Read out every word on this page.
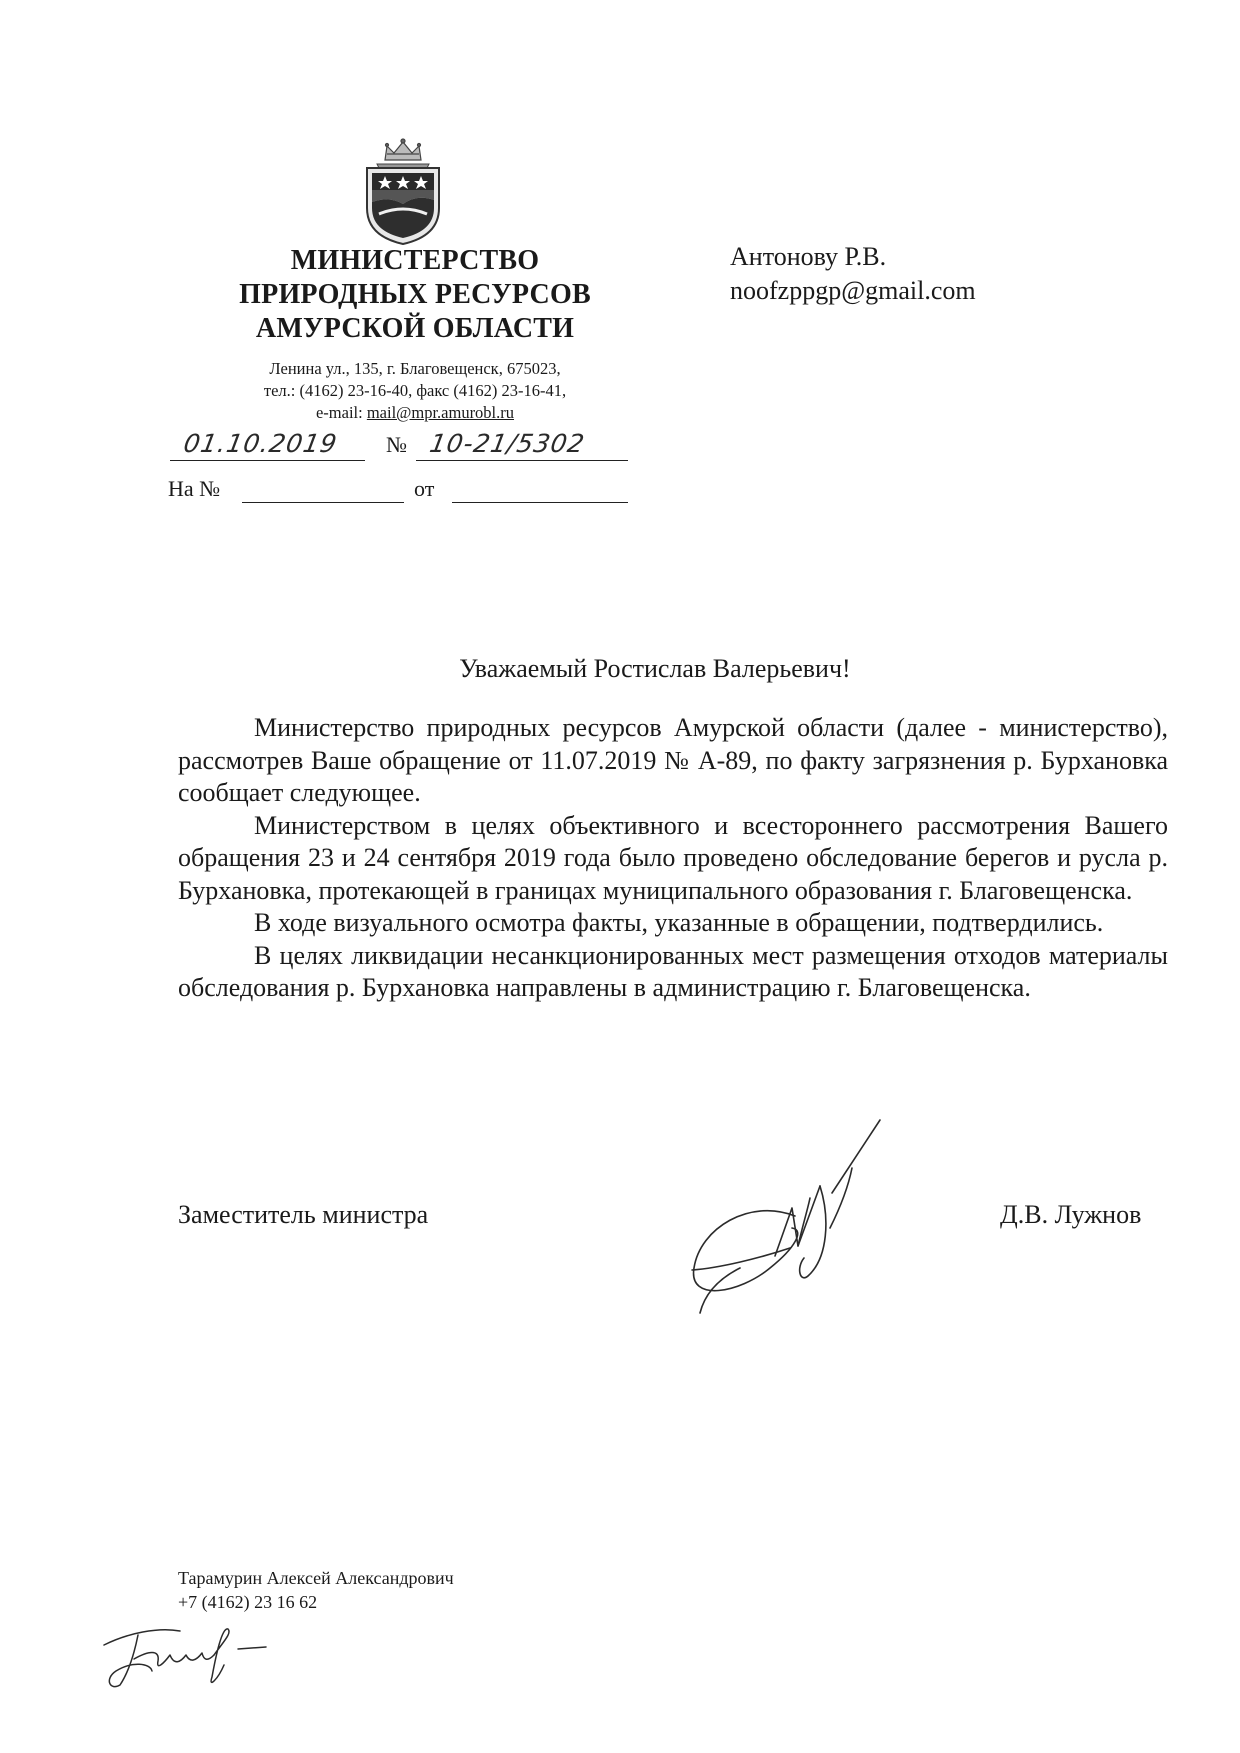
МИНИСТЕРСТВО
ПРИРОДНЫХ РЕСУРСОВ
АМУРСКОЙ ОБЛАСТИ
Ленина ул., 135, г. Благовещенск, 675023,
тел.: (4162) 23-16-40, факс (4162) 23-16-41,
e-mail: mail@mpr.amurobl.ru
01.10.2019 № 10-21/5302
На №	от
Антонову Р.В.
noofzppgp@gmail.com
Уважаемый Ростислав Валерьевич!

Министерство природных ресурсов Амурской области (далее - министерство), рассмотрев Ваше обращение от 11.07.2019 № А-89, по факту загрязнения р. Бурхановка сообщает следующее.

Министерством в целях объективного и всестороннего рассмотрения Вашего обращения 23 и 24 сентября 2019 года было проведено обследование берегов и русла р. Бурхановка, протекающей в границах муниципального образования г. Благовещенска.

В ходе визуального осмотра факты, указанные в обращении, подтвердились.

В целях ликвидации несанкционированных мест размещения отходов материалы обследования р. Бурхановка направлены в администрацию г. Благовещенска.

Заместитель министра	Д.В. Лужнов
Тарамурин Алексей Александрович
+7 (4162) 23 16 62
